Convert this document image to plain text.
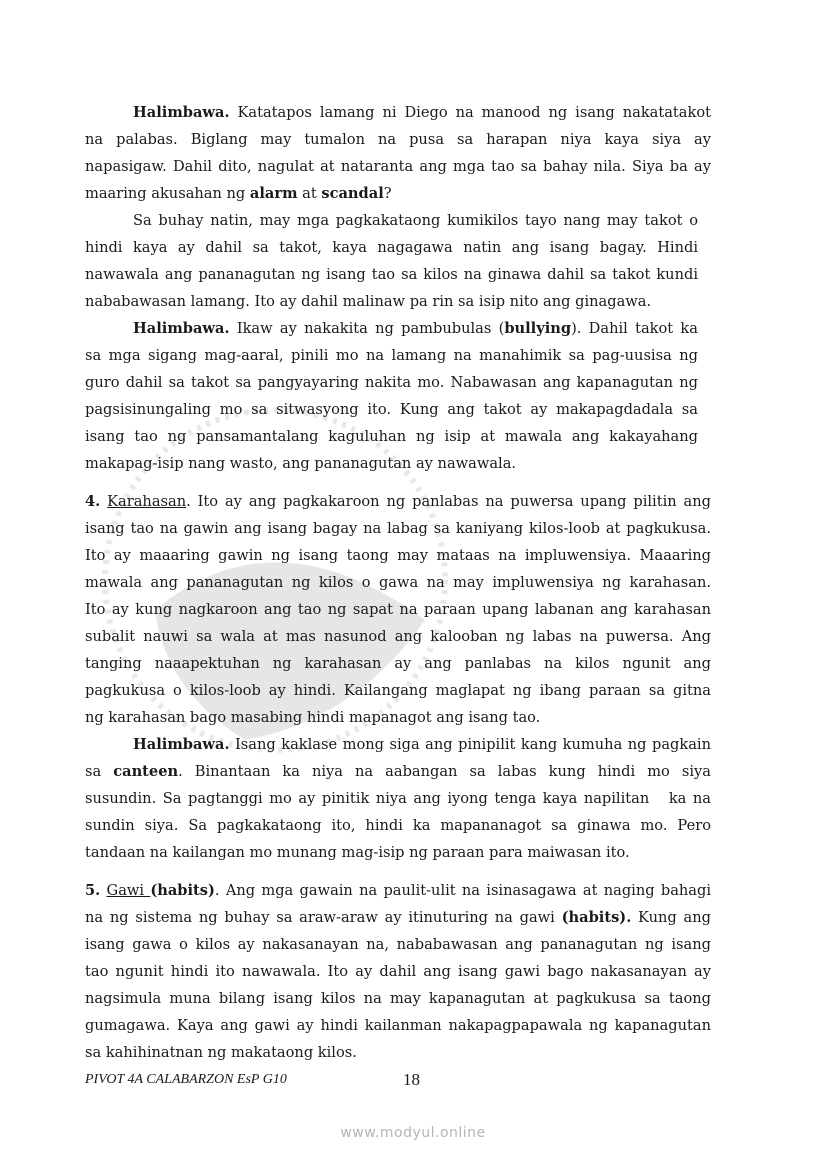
Halimbawa. Katatapos lamang ni Diego na manood ng isang nakatatakot
na palabas. Biglang may tumalon na pusa sa harapan niya kaya siya ay
napasigaw. Dahil dito, nagulat at nataranta ang mga tao sa bahay nila. Siya ba ay
maaring akusahan ng alarm at scandal?
Sa buhay natin, may mga pagkakataong kumikilos tayo nang may takot o
hindi kaya ay dahil sa takot, kaya nagagawa natin ang isang bagay. Hindi
nawawala ang pananagutan ng isang tao sa kilos na ginawa dahil sa takot kundi
nababawasan lamang. Ito ay dahil malinaw pa rin sa isip nito ang ginagawa.
Halimbawa. Ikaw ay nakakita ng pambubulas (bullying). Dahil takot ka
sa mga sigang mag-aaral, pinili mo na lamang na manahimik sa pag-uusisa ng
guro dahil sa takot sa pangyayaring nakita mo. Nabawasan ang kapanagutan ng
pagsisinungaling mo sa sitwasyong ito. Kung ang takot ay makapagdadala sa
isang tao ng pansamantalang kaguluhan ng isip at mawala ang kakayahang
makapag-isip nang wasto, ang pananagutan ay nawawala.
4. Karahasan. Ito ay ang pagkakaroon ng panlabas na puwersa upang pilitin ang
isang tao na gawin ang isang bagay na labag sa kaniyang kilos-loob at pagkukusa.
Ito ay maaaring gawin ng isang taong may mataas na impluwensiya. Maaaring
mawala ang pananagutan ng kilos o gawa na may impluwensiya ng karahasan.
Ito ay kung nagkaroon ang tao ng sapat na paraan upang labanan ang karahasan
subalit nauwi sa wala at mas nasunod ang kalooban ng labas na puwersa. Ang
tanging naaapektuhan ng karahasan ay ang panlabas na kilos ngunit ang
pagkukusa o kilos-loob ay hindi. Kailangang maglapat ng ibang paraan sa gitna
ng karahasan bago masabing hindi mapanagot ang isang tao.
Halimbawa. Isang kaklase mong siga ang pinipilit kang kumuha ng pagkain
sa canteen. Binantaan ka niya na aabangan sa labas kung hindi mo siya
susundin. Sa pagtanggi mo ay pinitik niya ang iyong tenga kaya napilitan   ka na
sundin siya. Sa pagkakataong ito, hindi ka mapananagot sa ginawa mo. Pero
tandaan na kailangan mo munang mag-isip ng paraan para maiwasan ito.
5. Gawi (habits). Ang mga gawain na paulit-ulit na isinasagawa at naging bahagi
na ng sistema ng buhay sa araw-araw ay itinuturing na gawi (habits). Kung ang
isang gawa o kilos ay nakasanayan na, nababawasan ang pananagutan ng isang
tao ngunit hindi ito nawawala. Ito ay dahil ang isang gawi bago nakasanayan ay
nagsimula muna bilang isang kilos na may kapanagutan at pagkukusa sa taong
gumagawa. Kaya ang gawi ay hindi kailanman nakapagpapawala ng kapanagutan
sa kahihinatnan ng makataong kilos.
PIVOT 4A CALABARZON EsP G10	18
www.modyul.online
